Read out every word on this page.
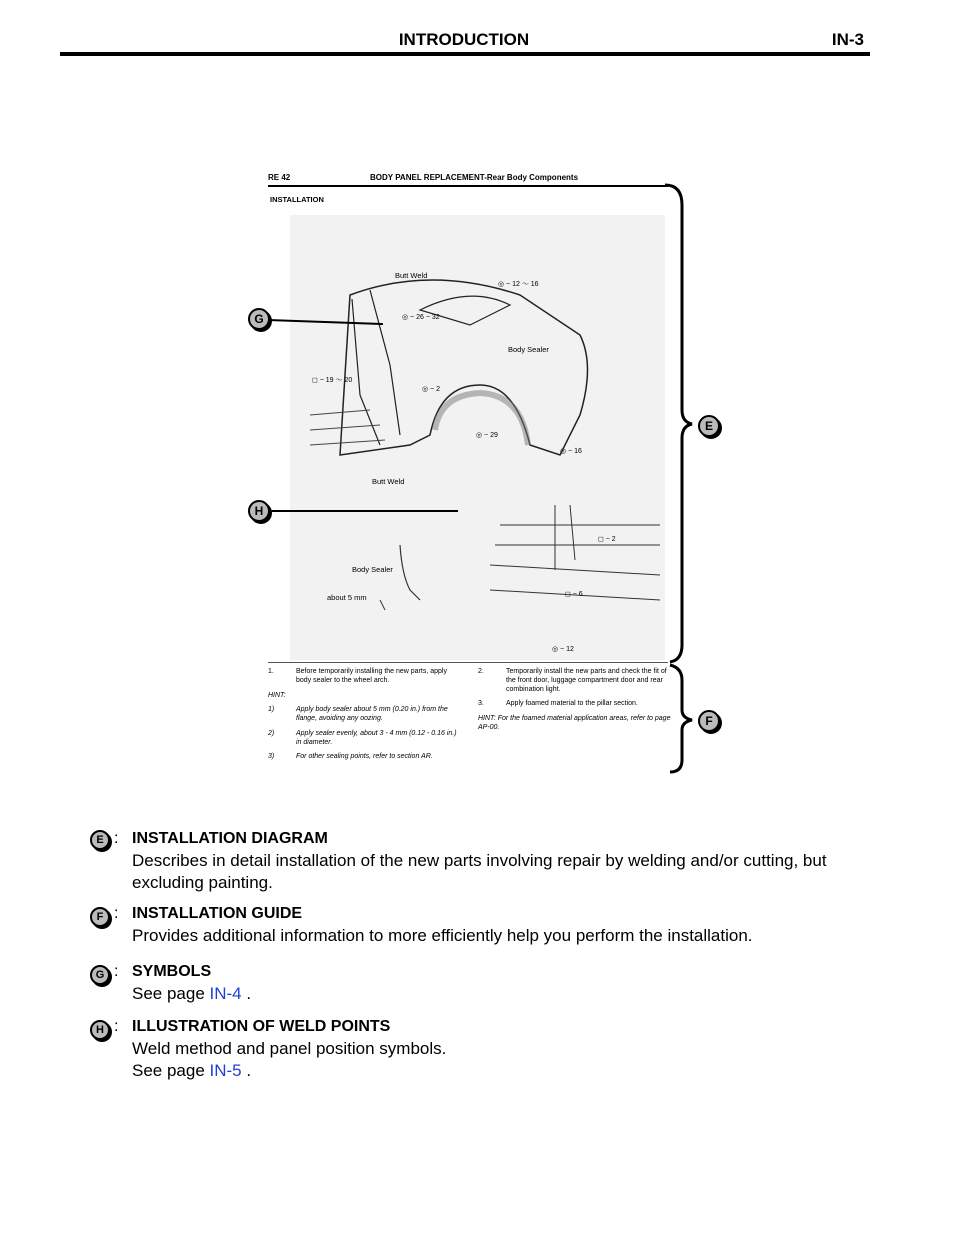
INTRODUCTION	IN-3
RE 42	BODY PANEL REPLACEMENT-Rear Body Components
INSTALLATION
Butt Weld
Body Sealer
Butt Weld
Body Sealer
about 5 mm
◎ − 12 〜 16
◎ − 26 − 32
◻ − 19 〜 20
◎ − 2
◎ − 29
◎ − 16
◻ − 2
◻ − 6
◎ − 12
1.	Before temporarily installing the new parts, apply body sealer to the wheel arch.
HINT:
1)	Apply body sealer about 5 mm (0.20 in.) from the flange, avoiding any oozing.
2)	Apply sealer evenly, about 3 - 4 mm (0.12 - 0.16 in.) in diameter.
3)	For other sealing points, refer to section AR.
2.	Temporarily install the new parts and check the fit of the front door, luggage compartment door and rear combination light.
3.	Apply foamed material to the pillar section.
HINT: For the foamed material application areas, refer to page AP-00.
G
H
E
F
E : INSTALLATION DIAGRAM
Describes in detail installation of the new parts involving repair by welding and/or cutting, but excluding painting.
F : INSTALLATION GUIDE
Provides additional information to more efficiently help you perform the installation.
G : SYMBOLS
See page IN-4 .
H : ILLUSTRATION OF WELD POINTS
Weld method and panel position symbols.
See page IN-5 .
